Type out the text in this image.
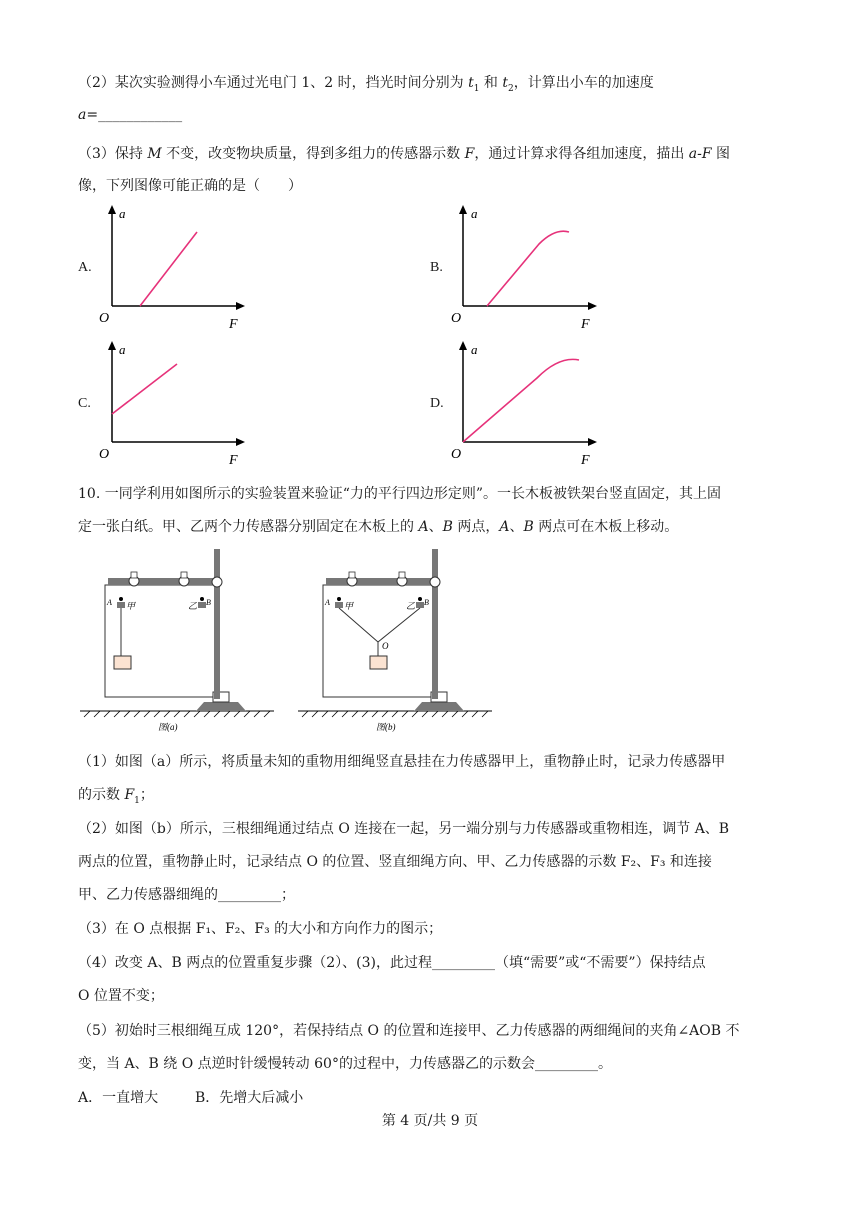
（2）某次实验测得小车通过光电门 1、2 时，挡光时间分别为 $t_1$ 和 $t_2$，计算出小车的加速度
a=____________
（3）保持 M 不变，改变物块质量，得到多组力的传感器示数 F，通过计算求得各组加速度，描出 a-F 图
像，下列图像可能正确的是（　　）
A.
a
O	F
B.
a
O	F
C.
a
O	F
D.
a
O	F
10. 一同学利用如图所示的实验装置来验证“力的平行四边形定则”。一长木板被铁架台竖直固定，其上固
定一张白纸。甲、乙两个力传感器分别固定在木板上的 A、B 两点，A、B 两点可在木板上移动。
A 甲	乙 B
图(a)
A 甲	乙 B
O
图(b)
（1）如图（a）所示，将质量未知的重物用细绳竖直悬挂在力传感器甲上，重物静止时，记录力传感器甲
的示数 $F_1$；
（2）如图（b）所示，三根细绳通过结点 O 连接在一起，另一端分别与力传感器或重物相连，调节 A、B
两点的位置，重物静止时，记录结点 O 的位置、竖直细绳方向、甲、乙力传感器的示数 F₂、F₃ 和连接
甲、乙力传感器细绳的_________；
（3）在 O 点根据 F₁、F₂、F₃ 的大小和方向作力的图示；
（4）改变 A、B 两点的位置重复步骤（2）、(3)，此过程_________（填“需要”或“不需要”）保持结点
O 位置不变；
（5）初始时三根细绳互成 120°，若保持结点 O 的位置和连接甲、乙力传感器的两细绳间的夹角∠AOB 不
变，当 A、B 绕 O 点逆时针缓慢转动 60°的过程中，力传感器乙的示数会_________。
A．一直增大	B．先增大后减小
第 4 页/共 9 页
